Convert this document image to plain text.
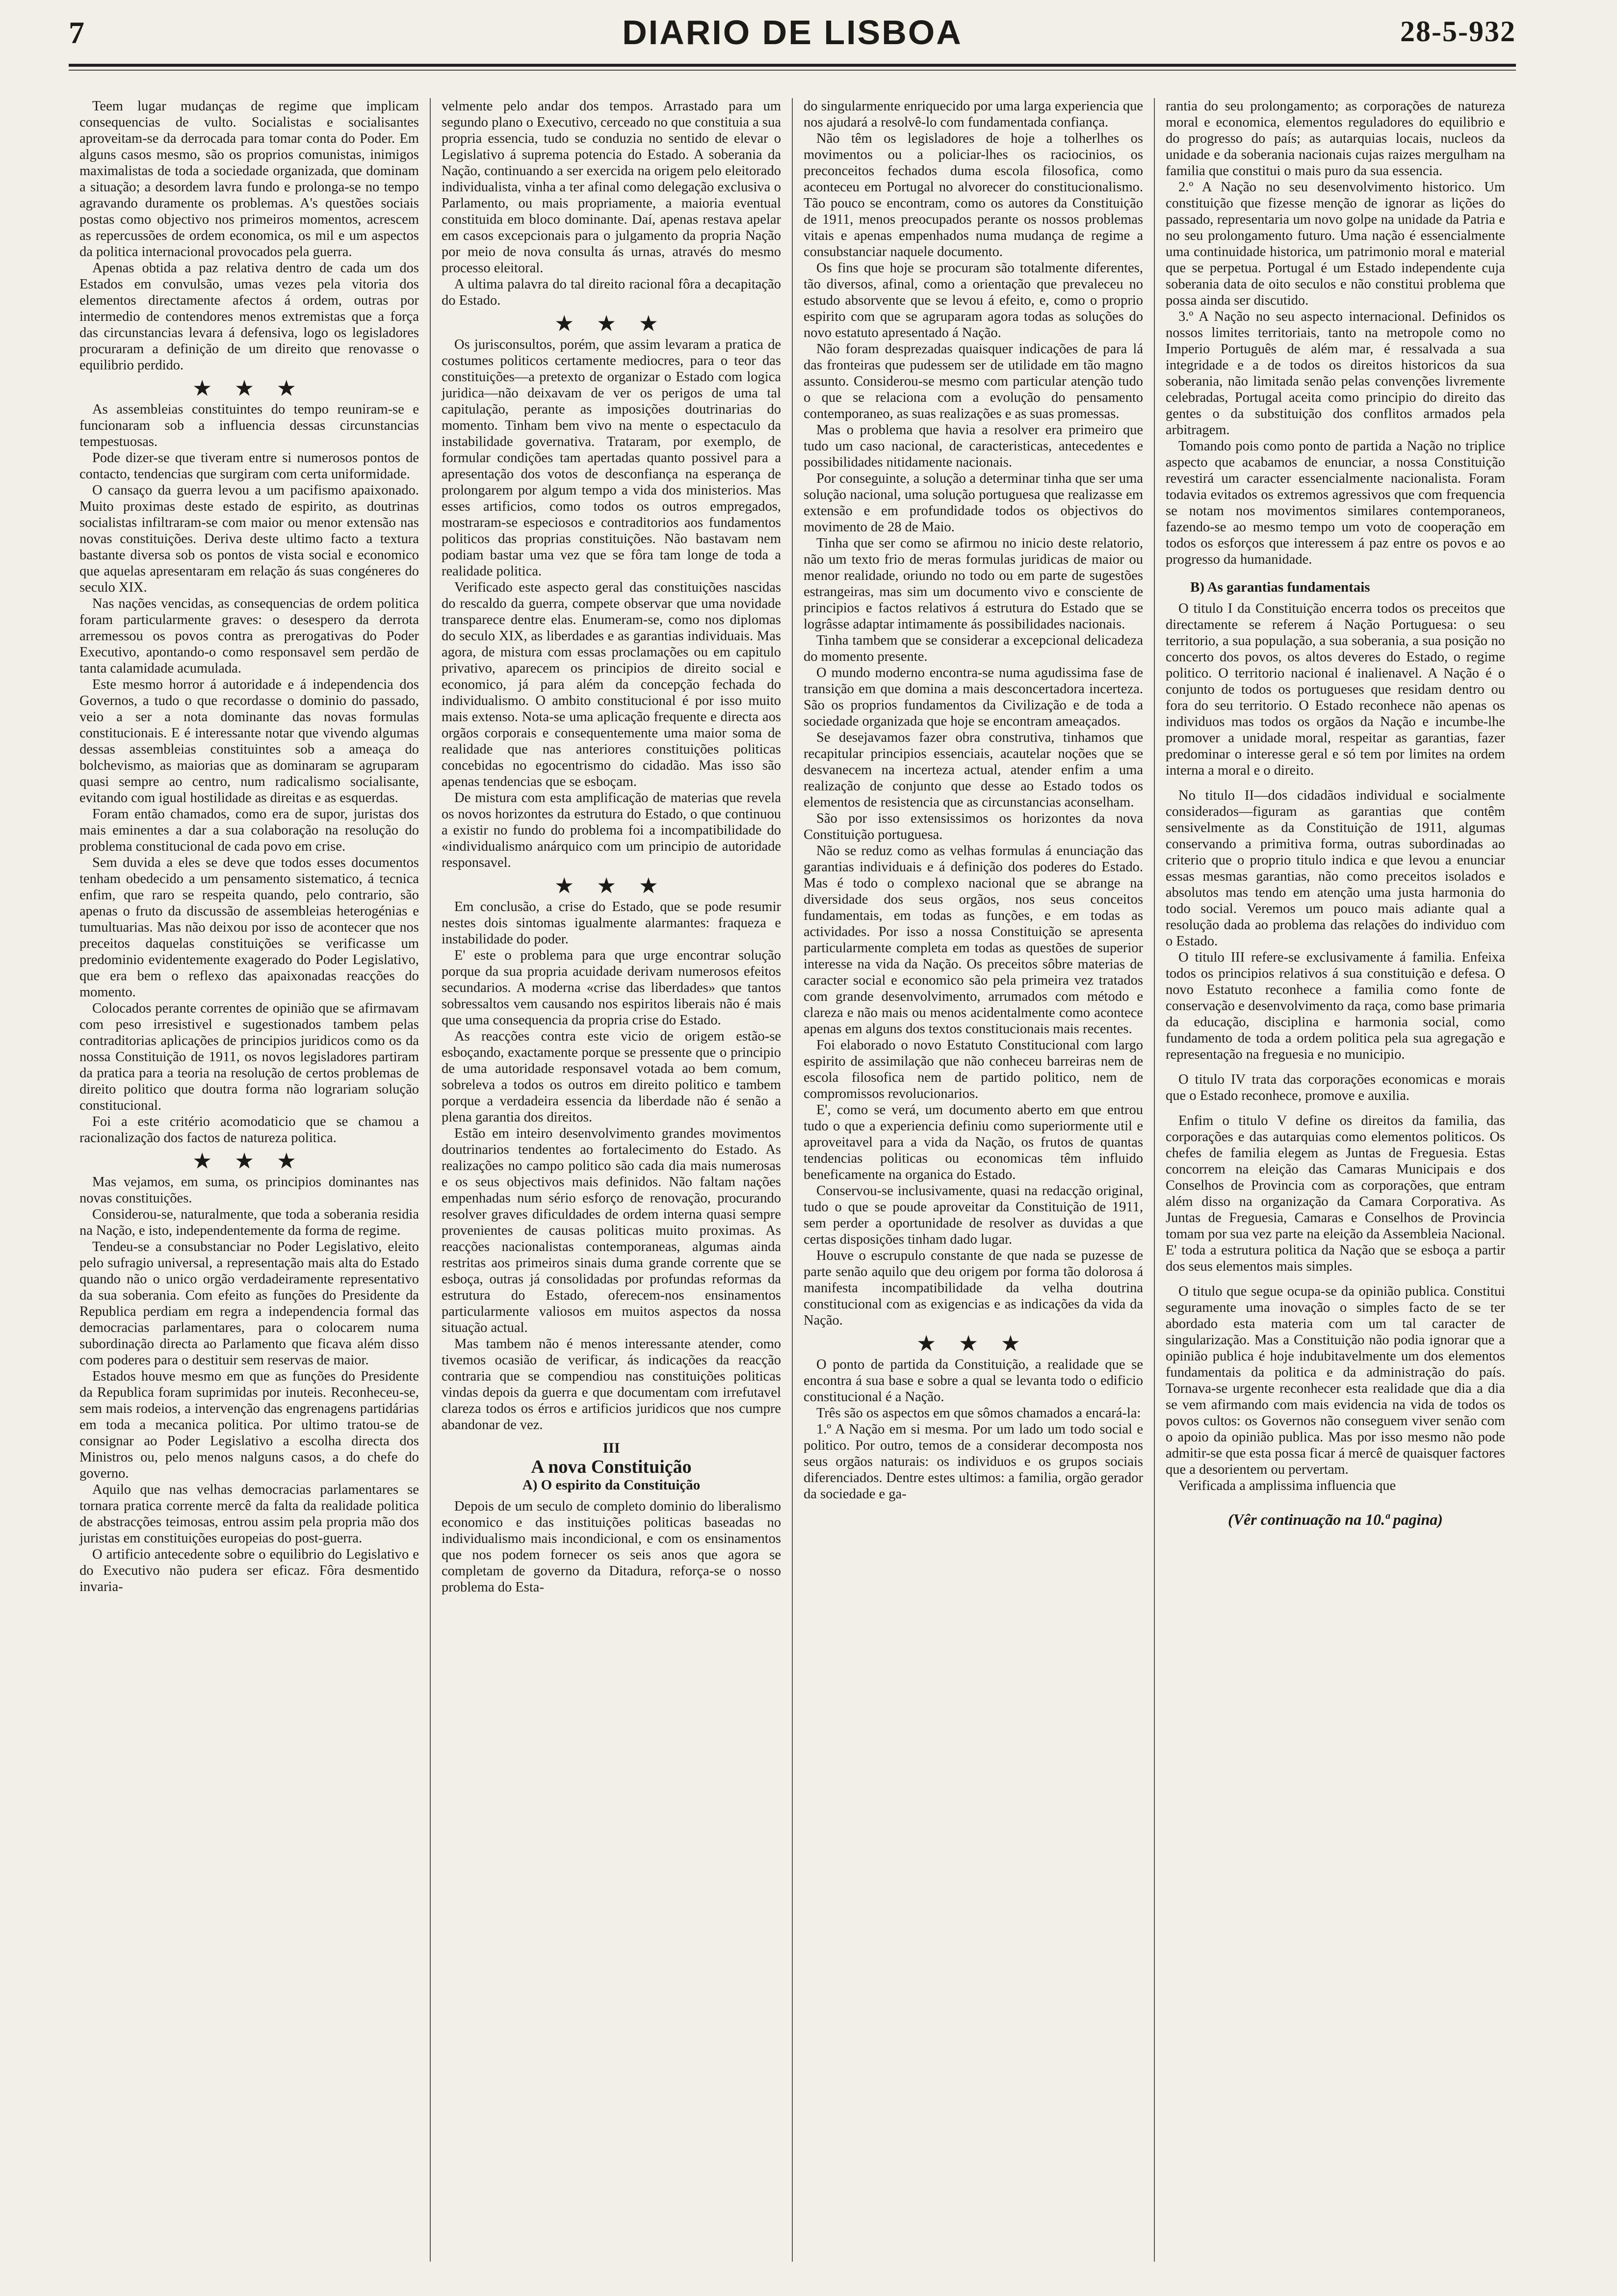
7	DIARIO DE LISBOA	28-5-932

Teem lugar mudanças de regime que implicam consequencias de vulto. Socialistas e socialisantes aproveitam-se da derrocada para tomar conta do Poder. Em alguns casos mesmo, são os proprios comunistas, inimigos maximalistas de toda a sociedade organizada, que dominam a situação; a desordem lavra fundo e prolonga-se no tempo agravando duramente os problemas. A's questões sociais postas como objectivo nos primeiros momentos, acrescem as repercussões de ordem economica, os mil e um aspectos da politica internacional provocados pela guerra.

Apenas obtida a paz relativa dentro de cada um dos Estados em convulsão, umas vezes pela vitoria dos elementos directamente afectos á ordem, outras por intermedio de contendores menos extremistas que a força das circunstancias levara á defensiva, logo os legisladores procuraram a definição de um direito que renovasse o equilibrio perdido.

★ ★ ★

As assembleias constituintes do tempo reuniram-se e funcionaram sob a influencia dessas circunstancias tempestuosas.

Pode dizer-se que tiveram entre si numerosos pontos de contacto, tendencias que surgiram com certa uniformidade.

O cansaço da guerra levou a um pacifismo apaixonado. Muito proximas deste estado de espirito, as doutrinas socialistas infiltraram-se com maior ou menor extensão nas novas constituições. Deriva deste ultimo facto a textura bastante diversa sob os pontos de vista social e economico que aquelas apresentaram em relação ás suas congéneres do seculo XIX.

Nas nações vencidas, as consequencias de ordem politica foram particularmente graves: o desespero da derrota arremessou os povos contra as prerogativas do Poder Executivo, apontando-o como responsavel sem perdão de tanta calamidade acumulada.

Este mesmo horror á autoridade e á independencia dos Governos, a tudo o que recordasse o dominio do passado, veio a ser a nota dominante das novas formulas constitucionais. E é interessante notar que vivendo algumas dessas assembleias constituintes sob a ameaça do bolchevismo, as maiorias que as dominaram se agruparam quasi sempre ao centro, num radicalismo socialisante, evitando com igual hostilidade as direitas e as esquerdas.

Foram então chamados, como era de supor, juristas dos mais eminentes a dar a sua colaboração na resolução do problema constitucional de cada povo em crise.

Sem duvida a eles se deve que todos esses documentos tenham obedecido a um pensamento sistematico, á tecnica enfim, que raro se respeita quando, pelo contrario, são apenas o fruto da discussão de assembleias heterogénias e tumultuarias. Mas não deixou por isso de acontecer que nos preceitos daquelas constituições se verificasse um predominio evidentemente exagerado do Poder Legislativo, que era bem o reflexo das apaixonadas reacções do momento.

Colocados perante correntes de opinião que se afirmavam com peso irresistivel e sugestionados tambem pelas contraditorias aplicações de principios juridicos como os da nossa Constituição de 1911, os novos legisladores partiram da pratica para a teoria na resolução de certos problemas de direito politico que doutra forma não lograriam solução constitucional.

Foi a este critério acomodaticio que se chamou a racionalização dos factos de natureza politica.

★ ★ ★

Mas vejamos, em suma, os principios dominantes nas novas constituições.

Considerou-se, naturalmente, que toda a soberania residia na Nação, e isto, independentemente da forma de regime.

Tendeu-se a consubstanciar no Poder Legislativo, eleito pelo sufragio universal, a representação mais alta do Estado quando não o unico orgão verdadeiramente representativo da sua soberania. Com efeito as funções do Presidente da Republica perdiam em regra a independencia formal das democracias parlamentares, para o colocarem numa subordinação directa ao Parlamento que ficava além disso com poderes para o destituir sem reservas de maior.

Estados houve mesmo em que as funções do Presidente da Republica foram suprimidas por inuteis. Reconheceu-se, sem mais rodeios, a intervenção das engrenagens partidárias em toda a mecanica politica. Por ultimo tratou-se de consignar ao Poder Legislativo a escolha directa dos Ministros ou, pelo menos nalguns casos, a do chefe do governo.

Aquilo que nas velhas democracias parlamentares se tornara pratica corrente mercê da falta da realidade politica de abstracções teimosas, entrou assim pela propria mão dos juristas em constituições europeias do post-guerra.

O artificio antecedente sobre o equilibrio do Legislativo e do Executivo não pudera ser eficaz. Fôra desmentido invaria-

velmente pelo andar dos tempos. Arrastado para um segundo plano o Executivo, cerceado no que constituia a sua propria essencia, tudo se conduzia no sentido de elevar o Legislativo á suprema potencia do Estado. A soberania da Nação, continuando a ser exercida na origem pelo eleitorado individualista, vinha a ter afinal como delegação exclusiva o Parlamento, ou mais propriamente, a maioria eventual constituida em bloco dominante. Daí, apenas restava apelar em casos excepcionais para o julgamento da propria Nação por meio de nova consulta ás urnas, através do mesmo processo eleitoral.

A ultima palavra do tal direito racional fôra a decapitação do Estado.

★ ★ ★

Os jurisconsultos, porém, que assim levaram a pratica de costumes politicos certamente mediocres, para o teor das constituições—a pretexto de organizar o Estado com logica juridica—não deixavam de ver os perigos de uma tal capitulação, perante as imposições doutrinarias do momento. Tinham bem vivo na mente o espectaculo da instabilidade governativa. Trataram, por exemplo, de formular condições tam apertadas quanto possivel para a apresentação dos votos de desconfiança na esperança de prolongarem por algum tempo a vida dos ministerios. Mas esses artificios, como todos os outros empregados, mostraram-se especiosos e contraditorios aos fundamentos politicos das proprias constituições. Não bastavam nem podiam bastar uma vez que se fôra tam longe de toda a realidade politica.

Verificado este aspecto geral das constituições nascidas do rescaldo da guerra, compete observar que uma novidade transparece dentre elas. Enumeram-se, como nos diplomas do seculo XIX, as liberdades e as garantias individuais. Mas agora, de mistura com essas proclamações ou em capitulo privativo, aparecem os principios de direito social e economico, já para além da concepção fechada do individualismo. O ambito constitucional é por isso muito mais extenso. Nota-se uma aplicação frequente e directa aos orgãos corporais e consequentemente uma maior soma de realidade que nas anteriores constituições politicas concebidas no egocentrismo do cidadão. Mas isso são apenas tendencias que se esboçam.

De mistura com esta amplificação de materias que revela os novos horizontes da estrutura do Estado, o que continuou a existir no fundo do problema foi a incompatibilidade do «individualismo anárquico com um principio de autoridade responsavel.

★ ★ ★

Em conclusão, a crise do Estado, que se pode resumir nestes dois sintomas igualmente alarmantes: fraqueza e instabilidade do poder.

E' este o problema para que urge encontrar solução porque da sua propria acuidade derivam numerosos efeitos secundarios. A moderna «crise das liberdades» que tantos sobressaltos vem causando nos espiritos liberais não é mais que uma consequencia da propria crise do Estado.

As reacções contra este vicio de origem estão-se esboçando, exactamente porque se pressente que o principio de uma autoridade responsavel votada ao bem comum, sobreleva a todos os outros em direito politico e tambem porque a verdadeira essencia da liberdade não é senão a plena garantia dos direitos.

Estão em inteiro desenvolvimento grandes movimentos doutrinarios tendentes ao fortalecimento do Estado. As realizações no campo politico são cada dia mais numerosas e os seus objectivos mais definidos. Não faltam nações empenhadas num sério esforço de renovação, procurando resolver graves dificuldades de ordem interna quasi sempre provenientes de causas politicas muito proximas. As reacções nacionalistas contemporaneas, algumas ainda restritas aos primeiros sinais duma grande corrente que se esboça, outras já consolidadas por profundas reformas da estrutura do Estado, oferecem-nos ensinamentos particularmente valiosos em muitos aspectos da nossa situação actual.

Mas tambem não é menos interessante atender, como tivemos ocasião de verificar, ás indicações da reacção contraria que se compendiou nas constituições politicas vindas depois da guerra e que documentam com irrefutavel clareza todos os érros e artificios juridicos que nos cumpre abandonar de vez.

III
A nova Constituição
A) O espirito da Constituição

Depois de um seculo de completo dominio do liberalismo economico e das instituições politicas baseadas no individualismo mais incondicional, e com os ensinamentos que nos podem fornecer os seis anos que agora se completam de governo da Ditadura, reforça-se o nosso problema do Esta-

do singularmente enriquecido por uma larga experiencia que nos ajudará a resolvê-lo com fundamentada confiança.

Não têm os legisladores de hoje a tolherlhes os movimentos ou a policiar-lhes os raciocinios, os preconceitos fechados duma escola filosofica, como aconteceu em Portugal no alvorecer do constitucionalismo. Tão pouco se encontram, como os autores da Constituição de 1911, menos preocupados perante os nossos problemas vitais e apenas empenhados numa mudança de regime a consubstanciar naquele documento.

Os fins que hoje se procuram são totalmente diferentes, tão diversos, afinal, como a orientação que prevaleceu no estudo absorvente que se levou á efeito, e, como o proprio espirito com que se agruparam agora todas as soluções do novo estatuto apresentado á Nação.

Não foram desprezadas quaisquer indicações de para lá das fronteiras que pudessem ser de utilidade em tão magno assunto. Considerou-se mesmo com particular atenção tudo o que se relaciona com a evolução do pensamento contemporaneo, as suas realizações e as suas promessas.

Mas o problema que havia a resolver era primeiro que tudo um caso nacional, de caracteristicas, antecedentes e possibilidades nitidamente nacionais.

Por conseguinte, a solução a determinar tinha que ser uma solução nacional, uma solução portuguesa que realizasse em extensão e em profundidade todos os objectivos do movimento de 28 de Maio.

Tinha que ser como se afirmou no inicio deste relatorio, não um texto frio de meras formulas juridicas de maior ou menor realidade, oriundo no todo ou em parte de sugestões estrangeiras, mas sim um documento vivo e consciente de principios e factos relativos á estrutura do Estado que se logrâsse adaptar intimamente ás possibilidades nacionais.

Tinha tambem que se considerar a excepcional delicadeza do momento presente.

O mundo moderno encontra-se numa agudissima fase de transição em que domina a mais desconcertadora incerteza. São os proprios fundamentos da Civilização e de toda a sociedade organizada que hoje se encontram ameaçados.

Se desejavamos fazer obra construtiva, tinhamos que recapitular principios essenciais, acautelar noções que se desvanecem na incerteza actual, atender enfim a uma realização de conjunto que desse ao Estado todos os elementos de resistencia que as circunstancias aconselham.

São por isso extensissimos os horizontes da nova Constituição portuguesa.

Não se reduz como as velhas formulas á enunciação das garantias individuais e á definição dos poderes do Estado. Mas é todo o complexo nacional que se abrange na diversidade dos seus orgãos, nos seus conceitos fundamentais, em todas as funções, e em todas as actividades. Por isso a nossa Constituição se apresenta particularmente completa em todas as questões de superior interesse na vida da Nação. Os preceitos sôbre materias de caracter social e economico são pela primeira vez tratados com grande desenvolvimento, arrumados com método e clareza e não mais ou menos acidentalmente como acontece apenas em alguns dos textos constitucionais mais recentes.

Foi elaborado o novo Estatuto Constitucional com largo espirito de assimilação que não conheceu barreiras nem de escola filosofica nem de partido politico, nem de compromissos revolucionarios.

E', como se verá, um documento aberto em que entrou tudo o que a experiencia definiu como superiormente util e aproveitavel para a vida da Nação, os frutos de quantas tendencias politicas ou economicas têm influido beneficamente na organica do Estado.

Conservou-se inclusivamente, quasi na redacção original, tudo o que se poude aproveitar da Constituição de 1911, sem perder a oportunidade de resolver as duvidas a que certas disposições tinham dado lugar.

Houve o escrupulo constante de que nada se puzesse de parte senão aquilo que deu origem por forma tão dolorosa á manifesta incompatibilidade da velha doutrina constitucional com as exigencias e as indicações da vida da Nação.

★ ★ ★

O ponto de partida da Constituição, a realidade que se encontra á sua base e sobre a qual se levanta todo o edificio constitucional é a Nação.

Três são os aspectos em que sômos chamados a encará-la:

1.º A Nação em si mesma. Por um lado um todo social e politico. Por outro, temos de a considerar decomposta nos seus orgãos naturais: os individuos e os grupos sociais diferenciados. Dentre estes ultimos: a familia, orgão gerador da sociedade e ga-

rantia do seu prolongamento; as corporações de natureza moral e economica, elementos reguladores do equilibrio e do progresso do país; as autarquias locais, nucleos da unidade e da soberania nacionais cujas raizes mergulham na familia que constitui o mais puro da sua essencia.

2.º A Nação no seu desenvolvimento historico. Um constituição que fizesse menção de ignorar as lições do passado, representaria um novo golpe na unidade da Patria e no seu prolongamento futuro. Uma nação é essencialmente uma continuidade historica, um patrimonio moral e material que se perpetua. Portugal é um Estado independente cuja soberania data de oito seculos e não constitui problema que possa ainda ser discutido.

3.º A Nação no seu aspecto internacional. Definidos os nossos limites territoriais, tanto na metropole como no Imperio Português de além mar, é ressalvada a sua integridade e a de todos os direitos historicos da sua soberania, não limitada senão pelas convenções livremente celebradas, Portugal aceita como principio do direito das gentes o da substituição dos conflitos armados pela arbitragem.

Tomando pois como ponto de partida a Nação no triplice aspecto que acabamos de enunciar, a nossa Constituição revestirá um caracter essencialmente nacionalista. Foram todavia evitados os extremos agressivos que com frequencia se notam nos movimentos similares contemporaneos, fazendo-se ao mesmo tempo um voto de cooperação em todos os esforços que interessem á paz entre os povos e ao progresso da humanidade.

B) As garantias fundamentais

O titulo I da Constituição encerra todos os preceitos que directamente se referem á Nação Portuguesa: o seu territorio, a sua população, a sua soberania, a sua posição no concerto dos povos, os altos deveres do Estado, o regime politico. O territorio nacional é inalienavel. A Nação é o conjunto de todos os portugueses que residam dentro ou fora do seu territorio. O Estado reconhece não apenas os individuos mas todos os orgãos da Nação e incumbe-lhe promover a unidade moral, respeitar as garantias, fazer predominar o interesse geral e só tem por limites na ordem interna a moral e o direito.

No titulo II—dos cidadãos individual e socialmente considerados—figuram as garantias que contêm sensivelmente as da Constituição de 1911, algumas conservando a primitiva forma, outras subordinadas ao criterio que o proprio titulo indica e que levou a enunciar essas mesmas garantias, não como preceitos isolados e absolutos mas tendo em atenção uma justa harmonia do todo social. Veremos um pouco mais adiante qual a resolução dada ao problema das relações do individuo com o Estado.

O titulo III refere-se exclusivamente á familia. Enfeixa todos os principios relativos á sua constituição e defesa. O novo Estatuto reconhece a familia como fonte de conservação e desenvolvimento da raça, como base primaria da educação, disciplina e harmonia social, como fundamento de toda a ordem politica pela sua agregação e representação na freguesia e no municipio.

O titulo IV trata das corporações economicas e morais que o Estado reconhece, promove e auxilia.

Enfim o titulo V define os direitos da familia, das corporações e das autarquias como elementos politicos. Os chefes de familia elegem as Juntas de Freguesia. Estas concorrem na eleição das Camaras Municipais e dos Conselhos de Provincia com as corporações, que entram além disso na organização da Camara Corporativa. As Juntas de Freguesia, Camaras e Conselhos de Provincia tomam por sua vez parte na eleição da Assembleia Nacional. E' toda a estrutura politica da Nação que se esboça a partir dos seus elementos mais simples.

O titulo que segue ocupa-se da opinião publica. Constitui seguramente uma inovação o simples facto de se ter abordado esta materia com um tal caracter de singularização. Mas a Constituição não podia ignorar que a opinião publica é hoje indubitavelmente um dos elementos fundamentais da politica e da administração do país. Tornava-se urgente reconhecer esta realidade que dia a dia se vem afirmando com mais evidencia na vida de todos os povos cultos: os Governos não conseguem viver senão com o apoio da opinião publica. Mas por isso mesmo não pode admitir-se que esta possa ficar á mercê de quaisquer factores que a desorientem ou pervertam.

Verificada a amplissima influencia que

(Vêr continuação na 10.ª pagina)
